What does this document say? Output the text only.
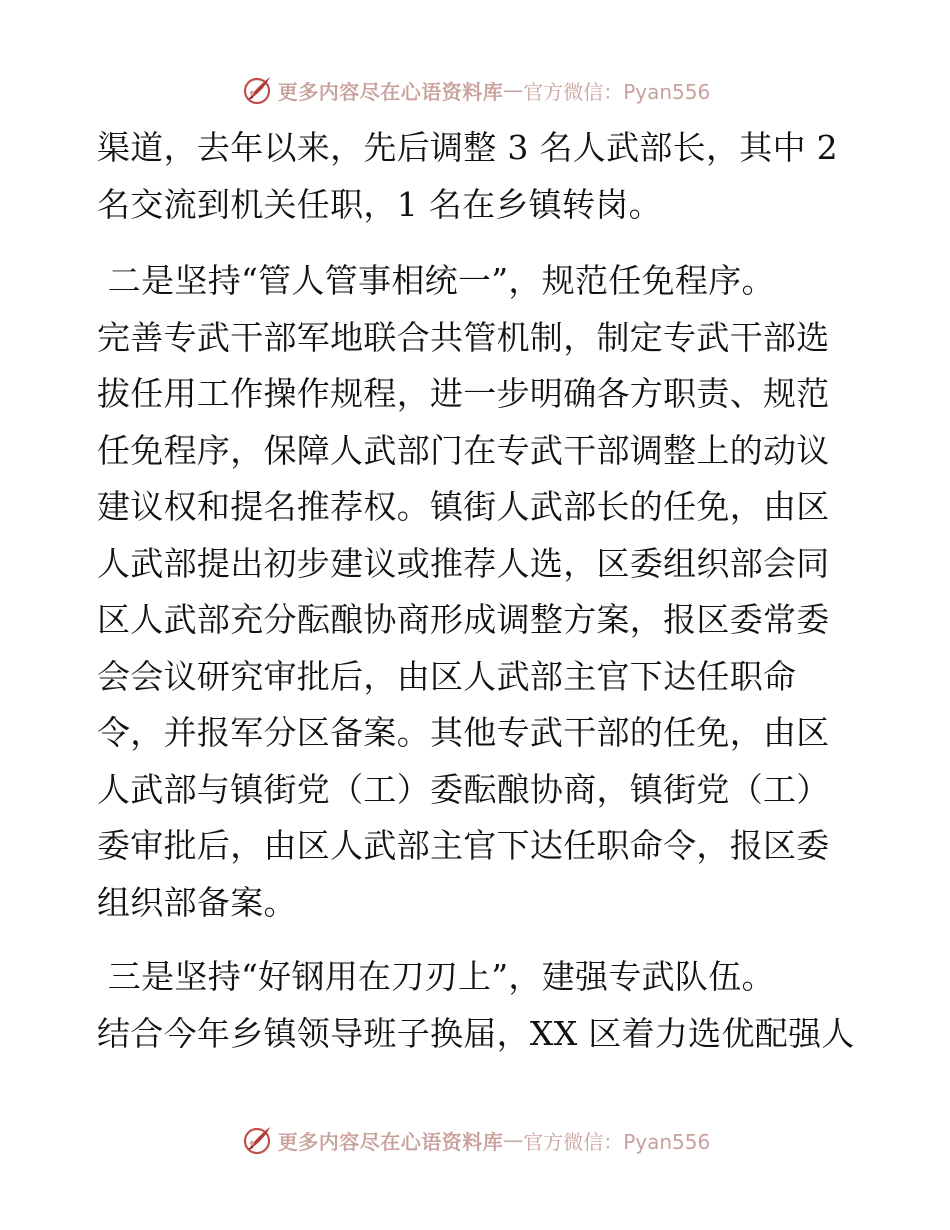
更多内容尽在心语资料库 — 官方微信：Pyan556

渠道，去年以来，先后调整 3 名人武部长，其中 2
名交流到机关任职，1 名在乡镇转岗。

二是坚持“管人管事相统一”，规范任免程序。
完善专武干部军地联合共管机制，制定专武干部选
拔任用工作操作规程，进一步明确各方职责、规范
任免程序，保障人武部门在专武干部调整上的动议
建议权和提名推荐权。镇街人武部长的任免，由区
人武部提出初步建议或推荐人选，区委组织部会同
区人武部充分酝酿协商形成调整方案，报区委常委
会会议研究审批后，由区人武部主官下达任职命
令，并报军分区备案。其他专武干部的任免，由区
人武部与镇街党（工）委酝酿协商，镇街党（工）
委审批后，由区人武部主官下达任职命令，报区委
组织部备案。

三是坚持“好钢用在刀刃上”，建强专武队伍。
结合今年乡镇领导班子换届，XX 区着力选优配强人

更多内容尽在心语资料库 — 官方微信：Pyan556
